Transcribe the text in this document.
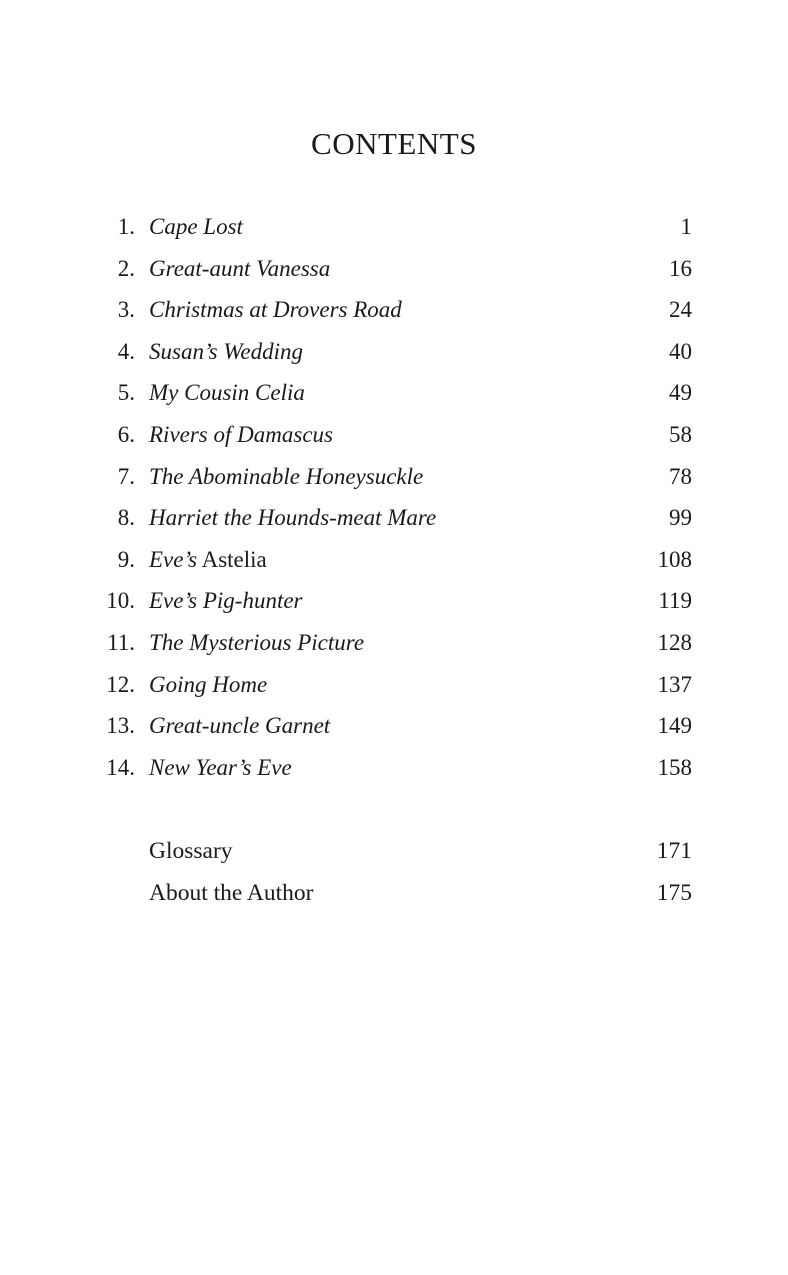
CONTENTS
1. Cape Lost	1
2. Great-aunt Vanessa	16
3. Christmas at Drovers Road	24
4. Susan’s Wedding	40
5. My Cousin Celia	49
6. Rivers of Damascus	58
7. The Abominable Honeysuckle	78
8. Harriet the Hounds-meat Mare	99
9. Eve’s Astelia	108
10. Eve’s Pig-hunter	119
11. The Mysterious Picture	128
12. Going Home	137
13. Great-uncle Garnet	149
14. New Year’s Eve	158
Glossary	171
About the Author	175
